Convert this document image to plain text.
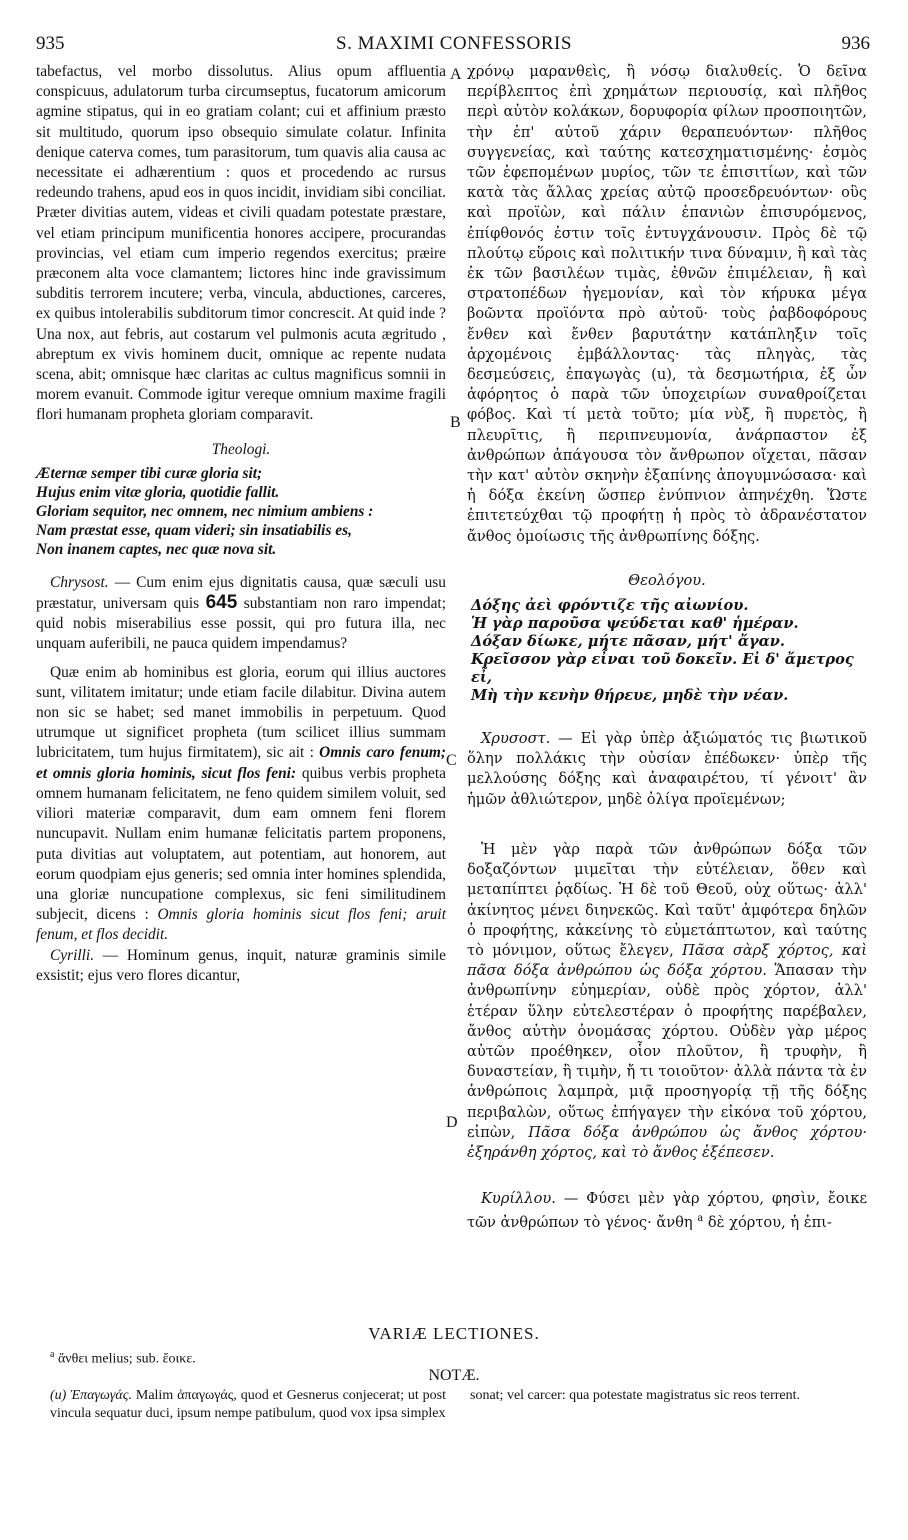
S. MAXIMI CONFESSORIS
935	936

tabefactus, vel morbo dissolutus. Alius opum affluentia conspicuus, adulatorum turba circumseptus, fucatorum amicorum agmine stipatus, qui in eo gratiam colant; cui et affinium præsto sit multitudo, quorum ipso obsequio simulate colatur. Infinita denique caterva comes, tum parasitorum, tum quavis alia causa ac necessitate ei adhærentium : quos et procedendo ac rursus redeundo trahens, apud eos in quos incidit, invidiam sibi conciliat. Præter divitias autem, videas et civili quadam potestate præstare, vel etiam principum munificentia honores accipere, procurandas provincias, vel etiam cum imperio regendos exercitus; præire præconem alta voce clamantem; lictores hinc inde gravissimum subditis terrorem incutere; verba, vincula, abductiones, carceres, ex quibus intolerabilis subditorum timor concrescit. At quid inde ? Una nox, aut febris, aut costarum vel pulmonis acuta ægritudo , abreptum ex vivis hominem ducit, omnique ac repente nudata scena, abit; omnisque hæc claritas ac cultus magnificus somnii in morem evanuit. Commode igitur vereque omnium maxime fragili flori humanam propheta gloriam comparavit.

Theologi.
Æternæ semper tibi curæ gloria sit;
Hujus enim vitæ gloria, quotidie fallit.
Gloriam sequitor, nec omnem, nec nimium ambiens :
Nam præstat esse, quam videri; sin insatiabilis es,
Non inanem captes, nec quæ nova sit.

Chrysost. — Cum enim ejus dignitatis causa, quæ sæculi usu præstatur, universam quis 645 substantiam non raro impendat; quid nobis miserabilius esse possit, qui pro futura illa, nec unquam auferibili, ne pauca quidem impendamus?

Quæ enim ab hominibus est gloria, eorum qui illius auctores sunt, vilitatem imitatur; unde etiam facile dilabitur. Divina autem non sic se habet; sed manet immobilis in perpetuum. Quod utrumque ut significet propheta (tum scilicet illius summam lubricitatem, tum hujus firmitatem), sic ait : Omnis caro fenum; et omnis gloria hominis, sicut flos feni: quibus verbis propheta omnem humanam felicitatem, ne feno quidem similem voluit, sed viliori materiæ comparavit, dum eam omnem feni florem nuncupavit. Nullam enim humanæ felicitatis partem proponens, puta divitias aut voluptatem, aut potentiam, aut honorem, aut eorum quodpiam ejus generis; sed omnia inter homines splendida, una gloriæ nuncupatione complexus, sic feni similitudinem subjecit, dicens : Omnis gloria hominis sicut flos feni; aruit fenum, et flos decidit.

Cyrilli. — Hominum genus, inquit, naturæ graminis simile exsistit; ejus vero flores dicantur,

χρόνῳ μαρανθεὶς, ἢ νόσῳ διαλυθείς. Ὁ δεῖνα περίβλεπτος ἐπὶ χρημάτων περιουσίᾳ, καὶ πλῆθος περὶ αὐτὸν κολάκων, δορυφορία φίλων προσποιητῶν, τὴν ἐπ' αὐτοῦ χάριν θεραπευόντων· πλῆθος συγγενείας, καὶ ταύτης κατεσχηματισμένης· ἐσμὸς τῶν ἐφεπομένων μυρίος, τῶν τε ἐπισιτίων, καὶ τῶν κατὰ τὰς ἄλλας χρείας αὐτῷ προσεδρευόντων· οὓς καὶ προϊὼν, καὶ πάλιν ἐπανιὼν ἐπισυρόμενος, ἐπίφθονός ἐστιν τοῖς ἐντυγχάνουσιν. Πρὸς δὲ τῷ πλούτῳ εὕροις καὶ πολιτικήν τινα δύναμιν, ἢ καὶ τὰς ἐκ τῶν βασιλέων τιμὰς, ἐθνῶν ἐπιμέλειαν, ἢ καὶ στρατοπέδων ἡγεμονίαν, καὶ τὸν κήρυκα μέγα βοῶντα προϊόντα πρὸ αὐτοῦ· τοὺς ῥαβδοφόρους ἔνθεν καὶ ἔνθεν βαρυτάτην κατάπληξιν τοῖς ἀρχομένοις ἐμβάλλοντας· τὰς πληγὰς, τὰς δεσμεύσεις, ἐπαγωγὰς (u), τὰ δεσμωτήρια, ἐξ ὧν ἀφόρητος ὁ παρὰ τῶν ὑποχειρίων συναθροίζεται φόβος. Καὶ τί μετὰ τοῦτο; μία νὺξ, ἢ πυρετὸς, ἢ πλευρῖτις, ἢ περιπνευμονία, ἀνάρπαστον ἐξ ἀνθρώπων ἀπάγουσα τὸν ἄνθρωπον οἴχεται, πᾶσαν τὴν κατ' αὐτὸν σκηνὴν ἐξαπίνης ἀπογυμνώσασα· καὶ ἡ δόξα ἐκείνη ὥσπερ ἐνύπνιον ἀπηνέχθη. Ὥστε ἐπιτετεύχθαι τῷ προφήτῃ ἡ πρὸς τὸ ἀδρανέστατον ἄνθος ὁμοίωσις τῆς ἀνθρωπίνης δόξης.

Θεολόγου.
Δόξης ἀεὶ φρόντιζε τῆς αἰωνίου.
Ἡ γὰρ παροῦσα ψεύδεται καθ' ἡμέραν.
Δόξαν δίωκε, μήτε πᾶσαν, μήτ' ἄγαν.
Κρεῖσσον γὰρ εἶναι τοῦ δοκεῖν. Εἰ δ' ἄμετρος εἶ,
Μὴ τὴν κενὴν θήρευε, μηδὲ τὴν νέαν.

Χρυσοστ. — Εἰ γὰρ ὑπὲρ ἀξιώματός τις βιωτικοῦ ὅλην πολλάκις τὴν οὐσίαν ἐπέδωκεν· ὑπὲρ τῆς μελλούσης δόξης καὶ ἀναφαιρέτου, τί γένοιτ' ἂν ἡμῶν ἀθλιώτερον, μηδὲ ὀλίγα προϊεμένων;

Ἡ μὲν γὰρ παρὰ τῶν ἀνθρώπων δόξα τῶν δοξαζόντων μιμεῖται τὴν εὐτέλειαν, ὅθεν καὶ μεταπίπτει ῥᾳδίως. Ἡ δὲ τοῦ Θεοῦ, οὐχ οὕτως· ἀλλ' ἀκίνητος μένει διηνεκῶς. Καὶ ταῦτ' ἀμφότερα δηλῶν ὁ προφήτης, κἀκείνης τὸ εὐμετάπτωτον, καὶ ταύτης τὸ μόνιμον, οὕτως ἔλεγεν, Πᾶσα σὰρξ χόρτος, καὶ πᾶσα δόξα ἀνθρώπου ὡς δόξα χόρτου. Ἅπασαν τὴν ἀνθρωπίνην εὐημερίαν, οὐδὲ πρὸς χόρτον, ἀλλ' ἑτέραν ὕλην εὐτελεστέραν ὁ προφήτης παρέβαλεν, ἄνθος αὐτὴν ὀνομάσας χόρτου. Οὐδὲν γὰρ μέρος αὐτῶν προέθηκεν, οἷον πλοῦτον, ἢ τρυφὴν, ἢ δυναστείαν, ἢ τιμὴν, ἤ τι τοιοῦτον· ἀλλὰ πάντα τὰ ἐν ἀνθρώποις λαμπρὰ, μιᾷ προσηγορίᾳ τῇ τῆς δόξης περιβαλὼν, οὕτως ἐπήγαγεν τὴν εἰκόνα τοῦ χόρτου, εἰπὼν, Πᾶσα δόξα ἀνθρώπου ὡς ἄνθος χόρτου· ἐξηράνθη χόρτος, καὶ τὸ ἄνθος ἐξέπεσεν.

Κυρίλλου. — Φύσει μὲν γὰρ χόρτου, φησὶν, ἔοικε τῶν ἀνθρώπων τὸ γένος· ἄνθη $^a$ δὲ χόρτου, ἡ ἐπι-

A
B
C
D
VARIÆ LECTIONES.
$^a$ ἄνθει melius; sub. ἔοικε.
NOTÆ.

(u) Ἐπαγωγάς. Malim ἀπαγωγάς, quod et Gesnerus conjecerat; ut post vincula sequatur duci, ipsum nempe patibulum, quod vox ipsa simplex

sonat; vel carcer: qua potestate magistratus sic reos terrent.
